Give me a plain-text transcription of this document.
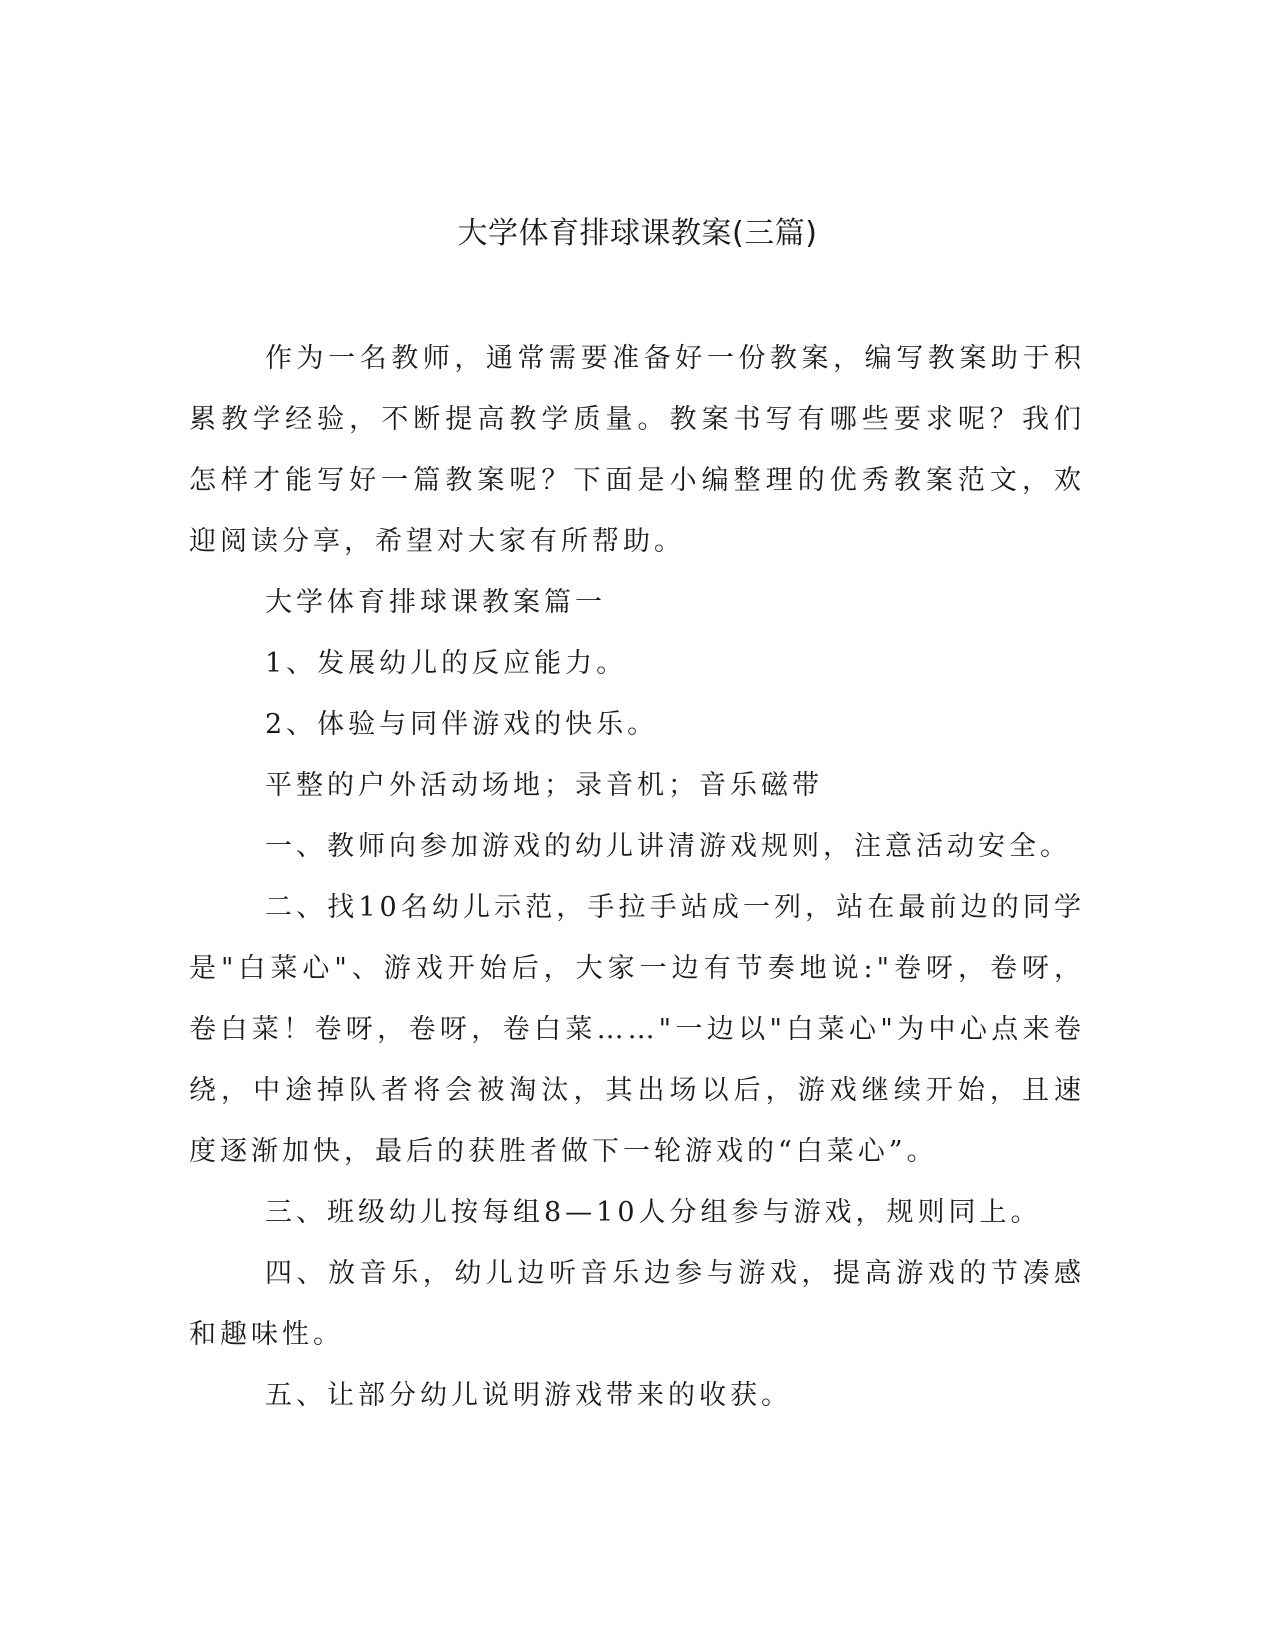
大学体育排球课教案(三篇)

作为一名教师，通常需要准备好一份教案，编写教案助于积累教学经验，不断提高教学质量。教案书写有哪些要求呢？我们怎样才能写好一篇教案呢？下面是小编整理的优秀教案范文，欢迎阅读分享，希望对大家有所帮助。

大学体育排球课教案篇一

1、发展幼儿的反应能力。

2、体验与同伴游戏的快乐。

平整的户外活动场地；录音机；音乐磁带

一、教师向参加游戏的幼儿讲清游戏规则，注意活动安全。

二、找10名幼儿示范，手拉手站成一列，站在最前边的同学是"白菜心"、游戏开始后，大家一边有节奏地说:"卷呀，卷呀，卷白菜！卷呀，卷呀，卷白菜……"一边以"白菜心"为中心点来卷绕，中途掉队者将会被淘汰，其出场以后，游戏继续开始，且速度逐渐加快，最后的获胜者做下一轮游戏的“白菜心”。

三、班级幼儿按每组8—10人分组参与游戏，规则同上。

四、放音乐，幼儿边听音乐边参与游戏，提高游戏的节凑感和趣味性。

五、让部分幼儿说明游戏带来的收获。
